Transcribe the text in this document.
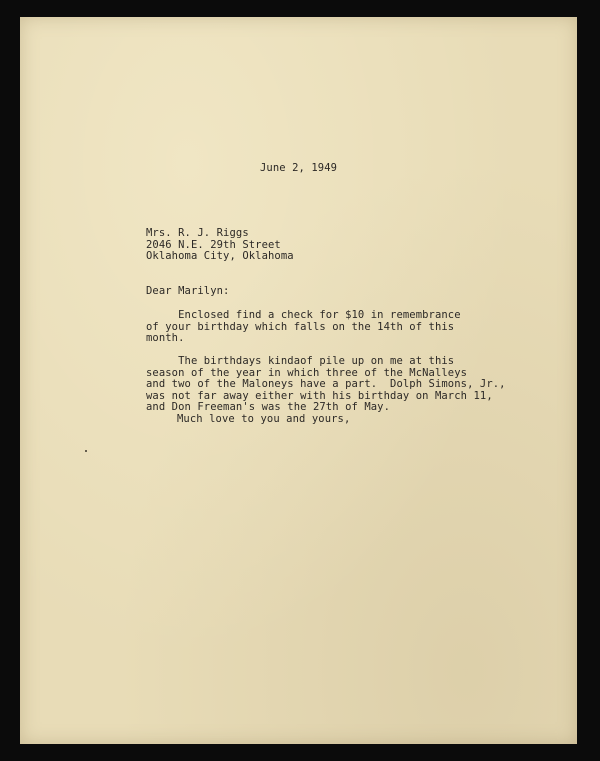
June 2, 1949
Mrs. R. J. Riggs
2046 N.E. 29th Street
Oklahoma City, Oklahoma
Dear Marilyn:
Enclosed find a check for $10 in remembrance
of your birthday which falls on the 14th of this
month.
The birthdays kindaof pile up on me at this
season of the year in which three of the McNalleys
and two of the Maloneys have a part.  Dolph Simons, Jr.,
was not far away either with his birthday on March 11,
and Don Freeman's was the 27th of May.
Much love to you and yours,
